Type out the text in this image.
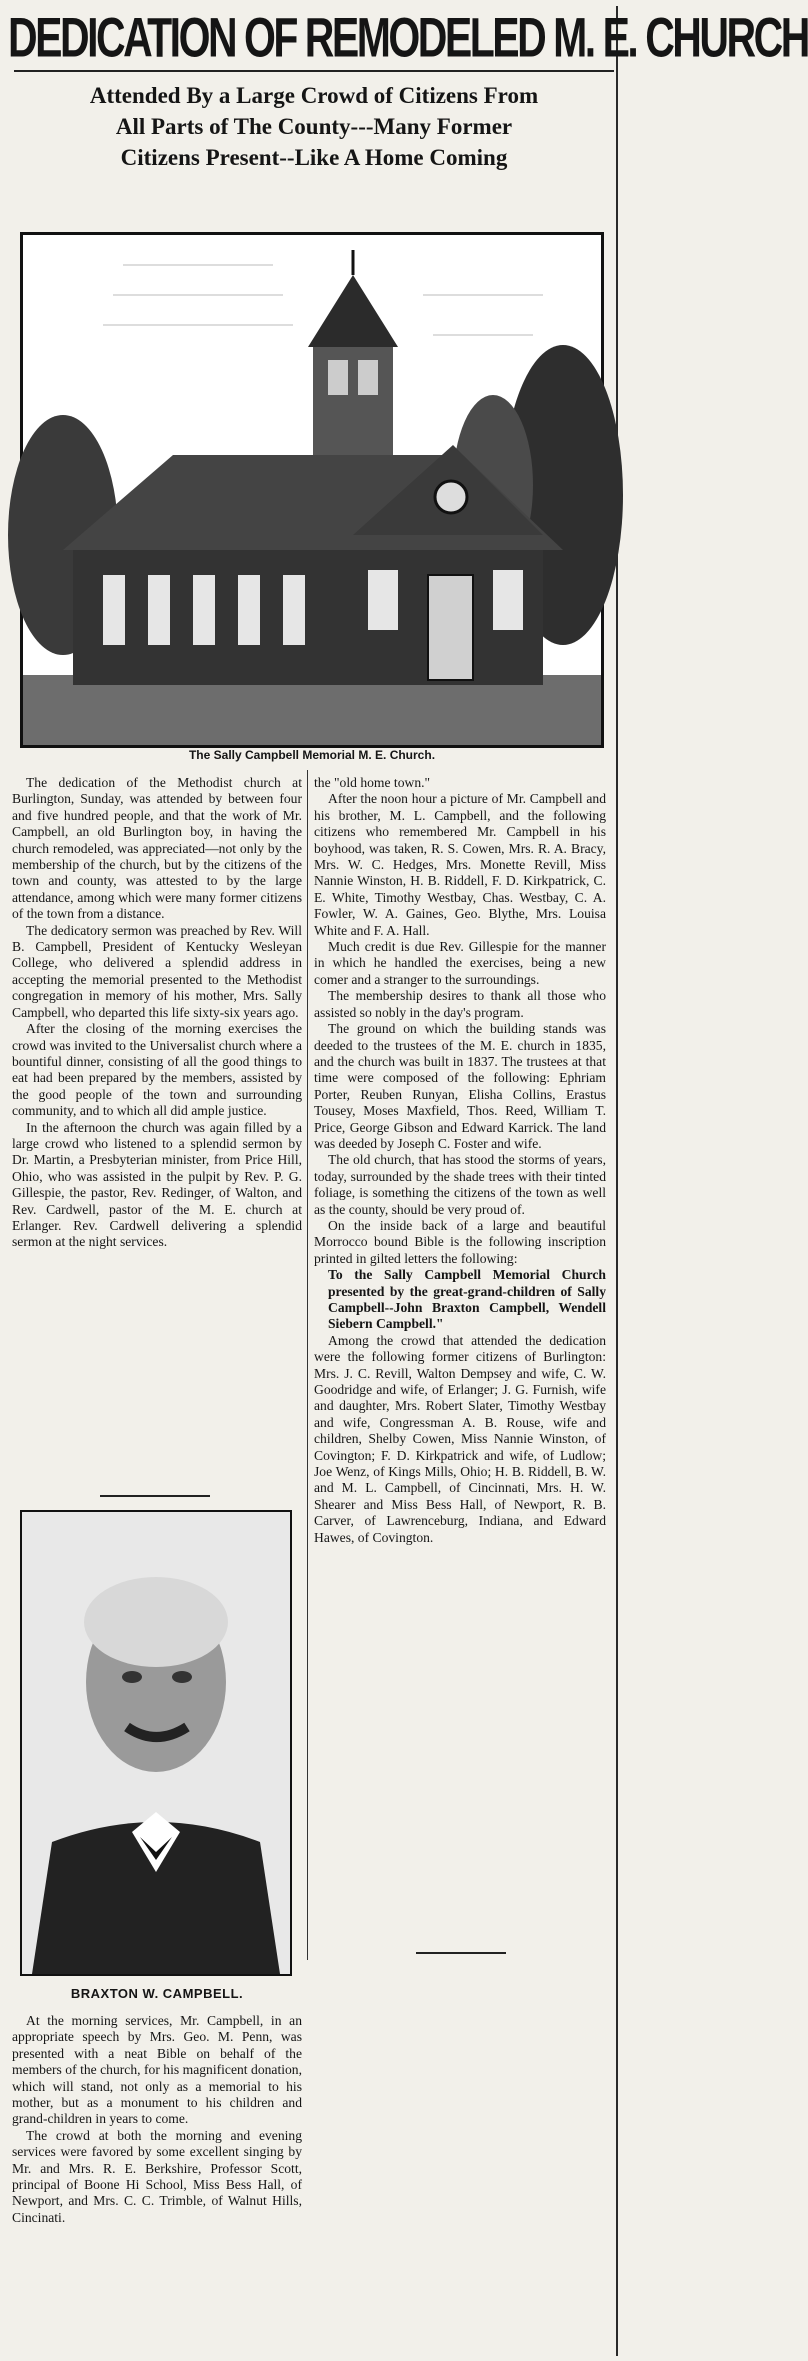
DEDICATION OF REMODELED M. E. CHURCH
Attended By a Large Crowd of Citizens From
All Parts of The County---Many Former
Citizens Present--Like A Home Coming
The Sally Campbell Memorial M. E. Church.

The dedication of the Methodist church at Burlington, Sunday, was attended by between four and five hundred people, and that the work of Mr. Campbell, an old Burlington boy, in having the church remodeled, was appreciated—not only by the membership of the church, but by the citizens of the town and county, was attested to by the large attendance, among which were many former citizens of the town from a distance.

The dedicatory sermon was preached by Rev. Will B. Campbell, President of Kentucky Wesleyan College, who delivered a splendid address in accepting the memorial presented to the Methodist congregation in memory of his mother, Mrs. Sally Campbell, who departed this life sixty-six years ago.

After the closing of the morning exercises the crowd was invited to the Universalist church where a bountiful dinner, consisting of all the good things to eat had been prepared by the members, assisted by the good people of the town and surrounding community, and to which all did ample justice.

In the afternoon the church was again filled by a large crowd who listened to a splendid sermon by Dr. Martin, a Presbyterian minister, from Price Hill, Ohio, who was assisted in the pulpit by Rev. P. G. Gillespie, the pastor, Rev. Redinger, of Walton, and Rev. Cardwell, pastor of the M. E. church at Erlanger. Rev. Cardwell delivering a splendid sermon at the night services.

BRAXTON W. CAMPBELL.

At the morning services, Mr. Campbell, in an appropriate speech by Mrs. Geo. M. Penn, was presented with a neat Bible on behalf of the members of the church, for his magnificent donation, which will stand, not only as a memorial to his mother, but as a monument to his children and grand-children in years to come.

The crowd at both the morning and evening services were favored by some excellent singing by Mr. and Mrs. R. E. Berkshire, Professor Scott, principal of Boone Hi School, Miss Bess Hall, of Newport, and Mrs. C. C. Trimble, of Walnut Hills, Cincinati.

the "old home town."

After the noon hour a picture of Mr. Campbell and his brother, M. L. Campbell, and the following citizens who remembered Mr. Campbell in his boyhood, was taken, R. S. Cowen, Mrs. R. A. Bracy, Mrs. W. C. Hedges, Mrs. Monette Revill, Miss Nannie Winston, H. B. Riddell, F. D. Kirkpatrick, C. E. White, Timothy Westbay, Chas. Westbay, C. A. Fowler, W. A. Gaines, Geo. Blythe, Mrs. Louisa White and F. A. Hall.

Much credit is due Rev. Gillespie for the manner in which he handled the exercises, being a new comer and a stranger to the surroundings.

The membership desires to thank all those who assisted so nobly in the day's program.

The ground on which the building stands was deeded to the trustees of the M. E. church in 1835, and the church was built in 1837. The trustees at that time were composed of the following: Ephriam Porter, Reuben Runyan, Elisha Collins, Erastus Tousey, Moses Maxfield, Thos. Reed, William T. Price, George Gibson and Edward Karrick. The land was deeded by Joseph C. Foster and wife.

The old church, that has stood the storms of years, today, surrounded by the shade trees with their tinted foliage, is something the citizens of the town as well as the county, should be very proud of.

On the inside back of a large and beautiful Morrocco bound Bible is the following inscription printed in gilted letters the following:

To the Sally Campbell Memorial Church presented by the great-grand-children of Sally Campbell--John Braxton Campbell, Wendell Siebern Campbell."

Among the crowd that attended the dedication were the following former citizens of Burlington: Mrs. J. C. Revill, Walton Dempsey and wife, C. W. Goodridge and wife, of Erlanger; J. G. Furnish, wife and daughter, Mrs. Robert Slater, Timothy Westbay and wife, Congressman A. B. Rouse, wife and children, Shelby Cowen, Miss Nannie Winston, of Covington; F. D. Kirkpatrick and wife, of Ludlow; Joe Wenz, of Kings Mills, Ohio; H. B. Riddell, B. W. and M. L. Campbell, of Cincinnati, Mrs. H. W. Shearer and Miss Bess Hall, of Newport, R. B. Carver, of Lawrenceburg, Indiana, and Edward Hawes, of Covington.
